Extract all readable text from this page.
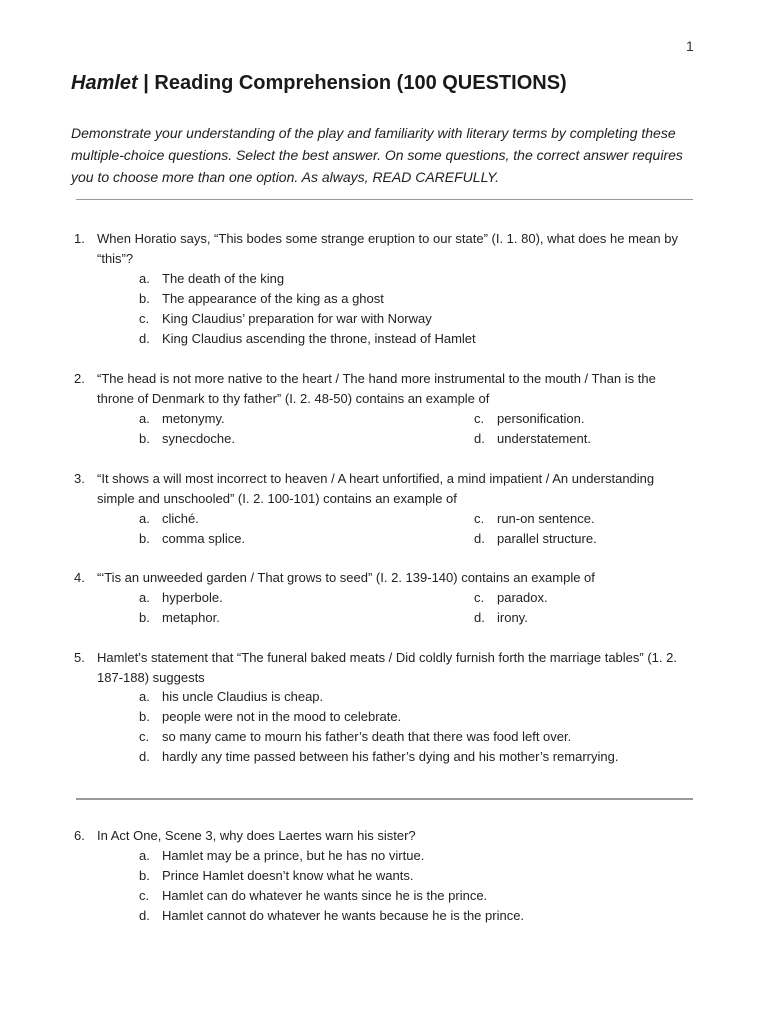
1
Hamlet | Reading Comprehension (100 QUESTIONS)

Demonstrate your understanding of the play and familiarity with literary terms by completing these multiple-choice questions. Select the best answer. On some questions, the correct answer requires you to choose more than one option. As always, READ CAREFULLY.

1. When Horatio says, “This bodes some strange eruption to our state” (I. 1. 80), what does he mean by “this”?

a. The death of the king
b. The appearance of the king as a ghost
c. King Claudius’ preparation for war with Norway
d. King Claudius ascending the throne, instead of Hamlet
2. “The head is not more native to the heart / The hand more instrumental to the mouth / Than is the throne of Denmark to thy father” (I. 2. 48-50) contains an example of

a. metonymy.
b. synecdoche.
c. personification.
d. understatement.
3. “It shows a will most incorrect to heaven / A heart unfortified, a mind impatient / An understanding simple and unschooled” (I. 2. 100-101) contains an example of

a. cliché.
b. comma splice.
c. run-on sentence.
d. parallel structure.
4. “‘Tis an unweeded garden / That grows to seed” (I. 2. 139-140) contains an example of

a. hyperbole.
b. metaphor.
c. paradox.
d. irony.
5. Hamlet’s statement that “The funeral baked meats / Did coldly furnish forth the marriage tables” (1. 2. 187-188) suggests

a. his uncle Claudius is cheap.
b. people were not in the mood to celebrate.
c. so many came to mourn his father’s death that there was food left over.
d. hardly any time passed between his father’s dying and his mother’s remarrying.
6. In Act One, Scene 3, why does Laertes warn his sister?

a. Hamlet may be a prince, but he has no virtue.
b. Prince Hamlet doesn’t know what he wants.
c. Hamlet can do whatever he wants since he is the prince.
d. Hamlet cannot do whatever he wants because he is the prince.
